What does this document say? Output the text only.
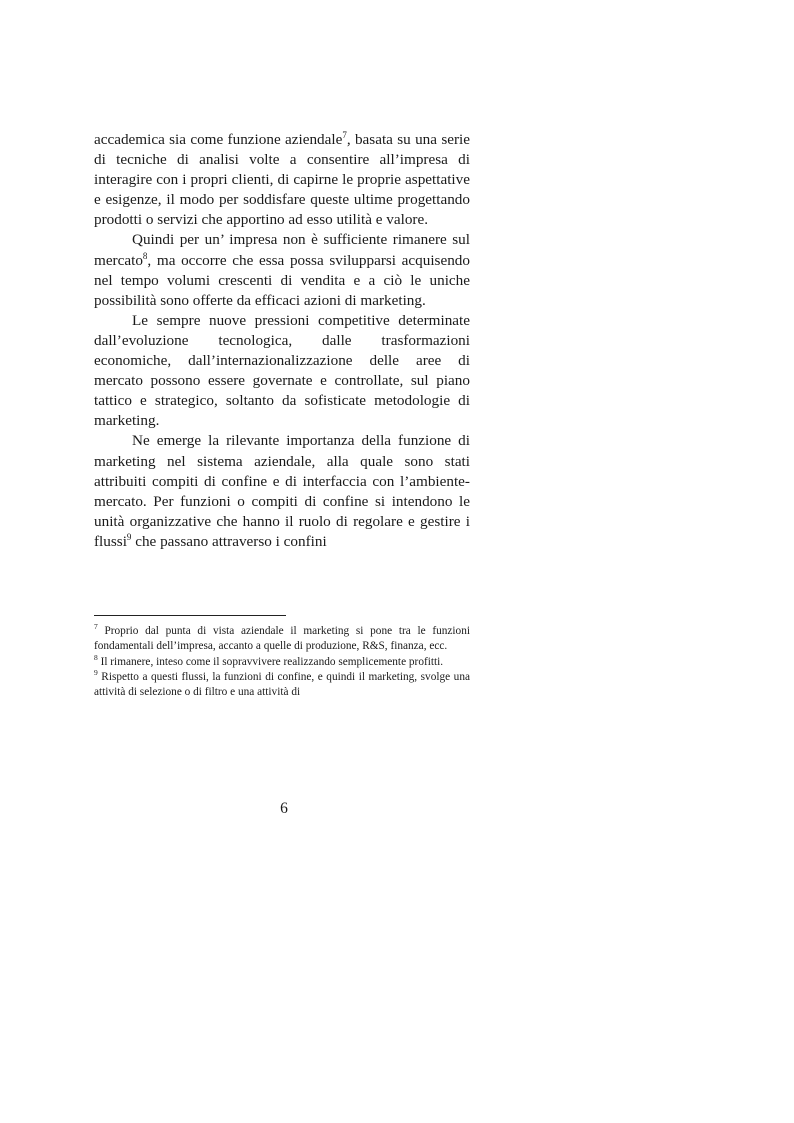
accademica sia come funzione aziendale$^7$, basata su una serie di tecniche di analisi volte a consentire all’impresa di interagire con i propri clienti, di capirne le proprie aspettative e esigenze, il modo per soddisfare queste ultime progettando prodotti o servizi che apportino ad esso utilità e valore.

Quindi per un’ impresa non è sufficiente rimanere sul mercato$^8$, ma occorre che essa possa svilupparsi acquisendo nel tempo volumi crescenti di vendita e a ciò le uniche possibilità sono offerte da efficaci azioni di marketing.

Le sempre nuove pressioni competitive determinate dall’evoluzione tecnologica, dalle trasformazioni economiche, dall’internazionalizzazione delle aree di mercato possono essere governate e controllate, sul piano tattico e strategico, soltanto da sofisticate metodologie di marketing.

Ne emerge la rilevante importanza della funzione di marketing nel sistema aziendale, alla quale sono stati attribuiti compiti di confine e di interfaccia con l’ambiente-mercato. Per funzioni o compiti di confine si intendono le unità organizzative che hanno il ruolo di regolare e gestire i flussi$^9$ che passano attraverso i confini

$^7$ Proprio dal punta di vista aziendale il marketing si pone tra le funzioni fondamentali dell’impresa, accanto a quelle di produzione, R&S, finanza, ecc.

$^8$ Il rimanere, inteso come il sopravvivere realizzando semplicemente profitti.

$^9$ Rispetto a questi flussi, la funzioni di confine, e quindi il marketing, svolge una attività di selezione o di filtro e una attività di

6
